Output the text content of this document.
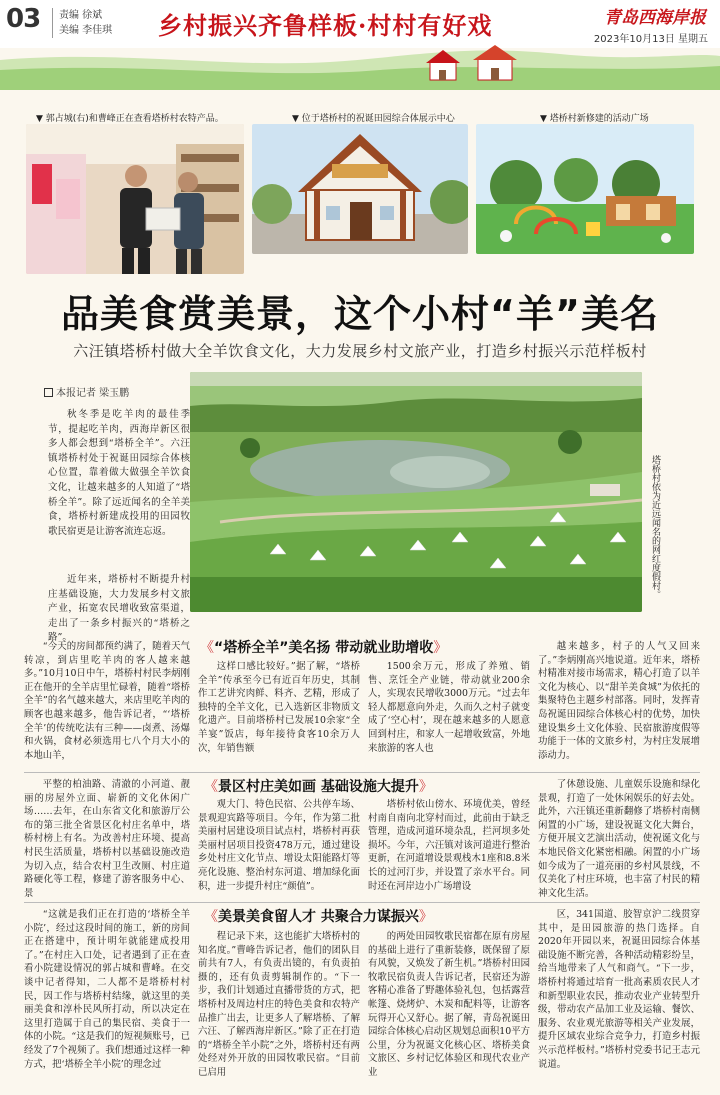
03 责编 徐斌
美编 李佳琪 乡村振兴齐鲁样板·村村有好戏	青岛西海岸报
2023年10月13日 星期五
▼ 郭占城(右)和曹峰正在查看塔桥村农特产品。	▼ 位于塔桥村的祝诞田园综合体展示中心	▼ 塔桥村新修建的活动广场
品美食赏美景，这个小村“羊”美名
六汪镇塔桥村做大全羊饮食文化，大力发展乡村文旅产业，打造乡村振兴示范样板村
本报记者 梁玉鹏
秋冬季是吃羊肉的最佳季节，提起吃羊肉，西海岸新区很多人都会想到“塔桥全羊”。六汪镇塔桥村处于祝诞田园综合体核心位置，靠着做大做强全羊饮食文化，让越来越多的人知道了“塔桥全羊”。除了远近闻名的全羊美食，塔桥村新建成投用的田园牧歌民宿更是让游客流连忘返。
近年来，塔桥村不断提升村庄基础设施，大力发展乡村文旅产业，拓宽农民增收致富渠道，走出了一条乡村振兴的“塔桥之路”。
塔桥村依为近远闻名的网红度假村。
《“塔桥全羊”美名扬 带动就业助增收》

“今天的房间都预约满了，随着天气转凉，到店里吃羊肉的客人越来越多。”10月10日中午，塔桥村村民李炳刚正在他开的全羊店里忙碌着，随着“塔桥全羊”的名气越来越大，来店里吃羊肉的顾客也越来越多，他告诉记者，“‘塔桥全羊’的传统吃法有三种——卤煮、汤爆和火锅，食材必须选用七八个月大小的本地山羊，

这样口感比较好。”据了解，“塔桥全羊”传承至今已有近百年历史，其制作工艺讲究肉鲜、料齐、艺精，形成了独特的全羊文化，已入选新区非物质文化遗产。目前塔桥村已发展10余家“全羊宴”饭店，每年接待食客10余万人次，年销售额

1500余万元，形成了养殖、销售、烹饪全产业链，带动就业200余人，实现农民增收3000万元。“过去年轻人都愿意向外走，久而久之村子就变成了‘空心村’，现在越来越多的人愿意回到村庄，和家人一起增收致富，外地来旅游的客人也

越来越多，村子的人气又回来了。”李炳刚高兴地说道。近年来，塔桥村精准对接市场需求，精心打造了以羊文化为核心、以“甜羊美食城”为依托的集聚特色主题乡村部落。同时，发挥青岛祝诞田园综合体核心村的优势，加快建设集乡土文化体验、民宿旅游度假等功能于一体的文旅乡村，为村庄发展增添动力。

《景区村庄美如画 基础设施大提升》

平整的柏油路、清澈的小河道、靓丽的房屋外立面、崭新的文化休闲广场……去年，在山东省文化和旅游厅公布的第三批全省景区化村庄名单中，塔桥村榜上有名。为改善村庄环境、提高村民生活质量，塔桥村以基础设施改造为切入点，结合农村卫生改厕、村庄道路硬化等工程，修建了游客服务中心、景

观大门、特色民宿、公共停车场、景观迎宾路等项目。今年，作为第二批美丽村居建设项目试点村，塔桥村再获美丽村居项目投资478万元，通过建设乡处村庄文化节点、增设太阳能路灯等亮化设施、整治村东河道、增加绿化面积，进一步提升村庄“颜值”。

塔桥村依山傍水、环境优美，曾经村南自南向北穿村而过，此前由于缺乏管理，造成河道环境杂乱，拦河坝多处损坏。今年，六汪镇对该河道进行整治更新，在河道增设景观栈木1座和8.8米长的过河汀步，并设置了亲水平台。同时还在河岸边小广场增设

了休憩设施、儿童娱乐设施和绿化景观，打造了一处休闲娱乐的好去处。此外，六汪镇还重新翻修了塔桥村南侧闲置的小广场，建设祝诞文化大舞台，方便开展文艺演出活动，使祝诞文化与本地民俗文化紧密相融。闲置的小广场如今成为了一道亮丽的乡村风景线，不仅美化了村庄环境，也丰富了村民的精神文化生活。

《美景美食留人才 共聚合力谋振兴》

“这就是我们正在打造的‘塔桥全羊小院’，经过这段时间的施工，新的房间正在搭建中，预计明年就能建成投用了。”在村庄入口处，记者遇到了正在查看小院建设情况的郭占城和曹峰。在交谈中记者得知，二人都不是塔桥村村民，因工作与塔桥村结缘，就这里的美丽美食和淳朴民风所打动，所以决定在这里打造属于自己的集民宿、美食于一体的小院。“这是我们的短视频账号，已经发了7个视频了。我们想通过这样一种方式，把‘塔桥全羊小院’的理念过

程记录下来，这也能扩大塔桥村的知名度。”曹峰告诉记者，他们的团队目前共有7人，有负责出镜的，有负责拍摄的，还有负责剪辑制作的。“下一步，我们计划通过直播带货的方式，把塔桥村及周边村庄的特色美食和农特产品推广出去，让更多人了解塔桥、了解六汪、了解西海岸新区。”除了正在打造的“塔桥全羊小院”之外，塔桥村还有两处经对外开放的田园牧歌民宿。“目前已启用

的两处田园牧歌民宿都在原有房屋的基础上进行了重新装修，既保留了原有风貌，又焕发了新生机。”塔桥村田园牧歌民宿负责人告诉记者，民宿还为游客精心准备了野趣体验礼包，包括露营帐篷、烧烤炉、木炭和配料等，让游客玩得开心又舒心。据了解，青岛祝诞田园综合体核心启动区规划总面积10平方公里，分为祝诞文化核心区、塔桥美食文旅区、乡村记忆体验区和现代农业产业

区，341国道、胶智京沪二线贯穿其中，是田园旅游的热门选择。自2020年开园以来，祝诞田园综合体基础设施不断完善，各种活动精彩纷呈，给当地带来了人气和商气。“下一步，塔桥村将通过培育一批高素质农民人才和新型职业农民，推动农业产业转型升级，带动农产品加工业及运输、餐饮、服务、农业观光旅游等相关产业发展，提升区域农业综合竞争力，打造乡村振兴示范样板村。”塔桥村党委书记王志元说道。
